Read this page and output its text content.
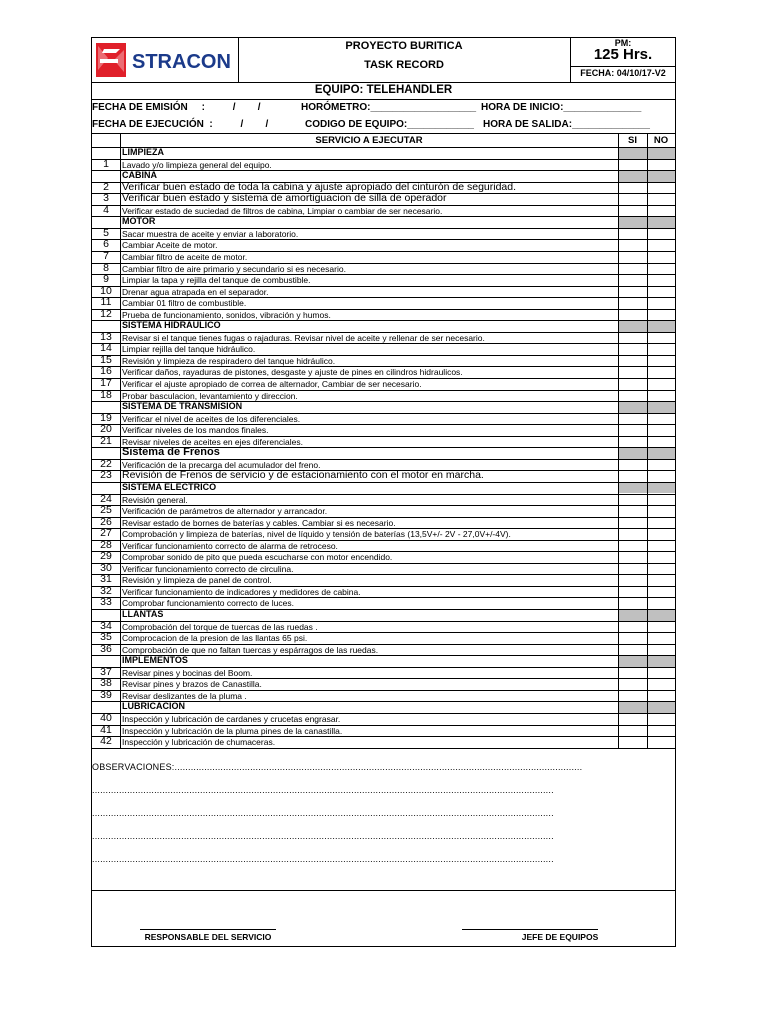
STRACON
PROYECTO BURITICA
TASK RECORD
PM:
125 Hrs.
FECHA: 04/10/17-V2
EQUIPO: TELEHANDLER
FECHA DE EMISIÓN     :          /        /	HORÓMETRO:___________________ HORA DE INICIO:______________
FECHA DE EJECUCIÓN  :          /        /	CODIGO DE EQUIPO:____________ HORA DE SALIDA:______________
SERVICIO A EJECUTAR	SI	NO
LIMPIEZA
1	Lavado y/o limpieza general del equipo.
CABINA
2	Verificar buen estado de toda la cabina y ajuste apropiado del cinturón de seguridad.
3	Verificar buen estado y sistema de amortiguacion de silla de operador
4	Verificar estado de suciedad de filtros de cabina, Limpiar o cambiar de ser necesario.
MOTOR
5	Sacar muestra de aceite y enviar a laboratorio.
6	Cambiar Aceite de motor.
7	Cambiar filtro de aceite de motor.
8	Cambiar filtro de aire primario y secundario si es necesario.
9	Limpiar la tapa y rejilla del tanque de combustible.
10	Drenar agua atrapada en el separador.
11	Cambiar 01 filtro de combustible.
12	Prueba de funcionamiento, sonidos, vibración y humos.
SISTEMA HIDRAULICO
13	Revisar si el tanque tienes fugas o rajaduras. Revisar nivel de aceite y rellenar de ser necesario.
14	Limpiar rejilla del tanque hidráulico.
15	Revisión y limpieza de respiradero del tanque hidráulico.
16	Verificar daños, rayaduras de pistones, desgaste y ajuste de pines en cilindros hidraulicos.
17	Verificar el ajuste apropiado de correa de alternador, Cambiar de ser necesario.
18	Probar basculacion, levantamiento y direccion.
SISTEMA DE TRANSMISION
19	Verificar el nivel de aceites de los diferenciales.
20	Verificar niveles de los mandos finales.
21	Revisar niveles de aceites en ejes diferenciales.
Sistema de Frenos
22	Verificación de la precarga del acumulador del freno.
23 Revisión de Frenos de servicio y de estacionamiento con el motor en marcha.
SISTEMA ELECTRICO
24	Revisión general.
25	Verificación de parámetros de alternador y arrancador.
26	Revisar estado de bornes de baterías y cables. Cambiar si es necesario.
27	Comprobación y limpieza de baterías, nivel de líquido y tensión de baterías (13,5V+/- 2V - 27,0V+/-4V).
28	Verificar funcionamiento correcto de alarma de retroceso.
29	Comprobar sonido de pito que pueda escucharse con motor encendido.
30	Verificar funcionamiento correcto de circulina.
31	Revisión y limpieza de panel de control.
32	Verificar funcionamiento de indicadores y medidores de cabina.
33	Comprobar funcionamiento correcto de luces.
LLANTAS
34	Comprobación del torque de tuercas de las ruedas .
35	Comprocacion de la presion de las llantas 65 psi.
36	Comprobación de que no faltan tuercas y espárragos de las ruedas.
IMPLEMENTOS
37	Revisar pines y bocinas del Boom.
38	Revisar pines y brazos de Canastilla.
39	Revisar deslizantes de la pluma .
LUBRICACION
40	Inspección y lubricación de cardanes y crucetas engrasar.
41	Inspección y lubricación de la pluma pines de la canastilla.
42	Inspección y lubricación de chumaceras.
OBSERVACIONES:.......................................................................................................................................................
...........................................................................................................................................................................
...........................................................................................................................................................................
...........................................................................................................................................................................
...........................................................................................................................................................................
RESPONSABLE DEL SERVICIO	JEFE DE EQUIPOS
